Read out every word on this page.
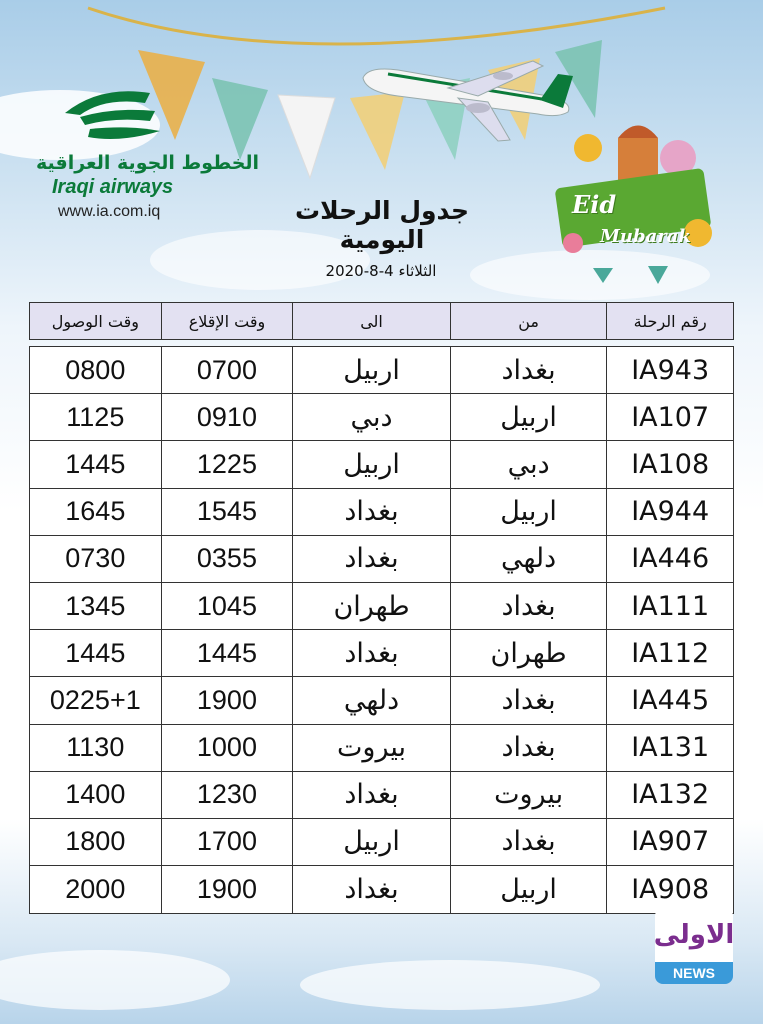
الخطوط الجوية العراقية
Iraqi airways
www.ia.com.iq	جدول الرحلات اليومية
الثلاثاء 4-8-2020
Eid
Mubarak
رقم الرحلة
من
الى
وقت الإقلاع
وقت الوصول
IA943
بغداد
اربيل
0700
0800
IA107
اربيل
دبي
0910
1125
IA108
دبي
اربيل
1225
1445
IA944
اربيل
بغداد
1545
1645
IA446
دلهي
بغداد
0355
0730
IA111
بغداد
طهران
1045
1345
IA112
طهران
بغداد
1445
1445
IA445
بغداد
دلهي
1900
0225+1
IA131
بغداد
بيروت
1000
1130
IA132
بيروت
بغداد
1230
1400
IA907
بغداد
اربيل
1700
1800
IA908
اربيل
بغداد
1900
2000
الاولى
NEWS
